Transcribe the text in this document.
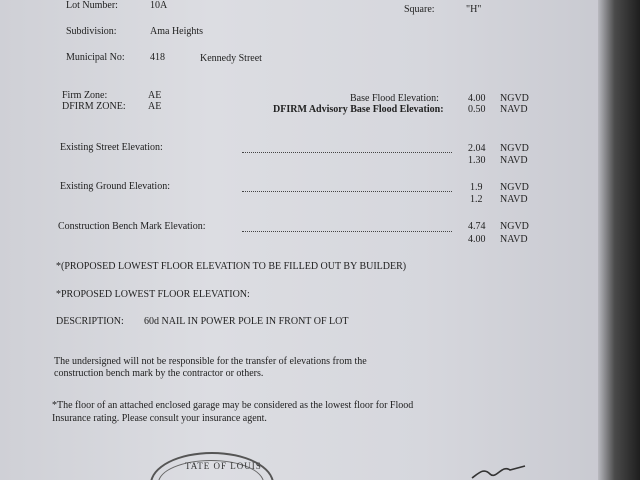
Lot Number:	10A	Square:	"H"
Subdivision:	Ama Heights
Municipal No:	418	Kennedy Street
Firm Zone:	AE
DFIRM ZONE: AE
Base Flood Elevation:	4.00 NGVD
DFIRM Advisory Base Flood Elevation: 0.50 NAVD
Existing Street Elevation:	2.04 NGVD
1.30 NAVD
Existing Ground Elevation:	1.9 NGVD
1.2 NAVD
Construction Bench Mark Elevation:	4.74 NGVD
4.00 NAVD
*(PROPOSED LOWEST FLOOR ELEVATION TO BE FILLED OUT BY BUILDER)
*PROPOSED LOWEST FLOOR ELEVATION:
DESCRIPTION: 60d NAIL IN POWER POLE IN FRONT OF LOT
The undersigned will not be responsible for the transfer of elevations from the
construction bench mark by the contractor or others.
*The floor of an attached enclosed garage may be considered as the lowest floor for Flood
Insurance rating. Please consult your insurance agent.
TATE OF LOUIS
